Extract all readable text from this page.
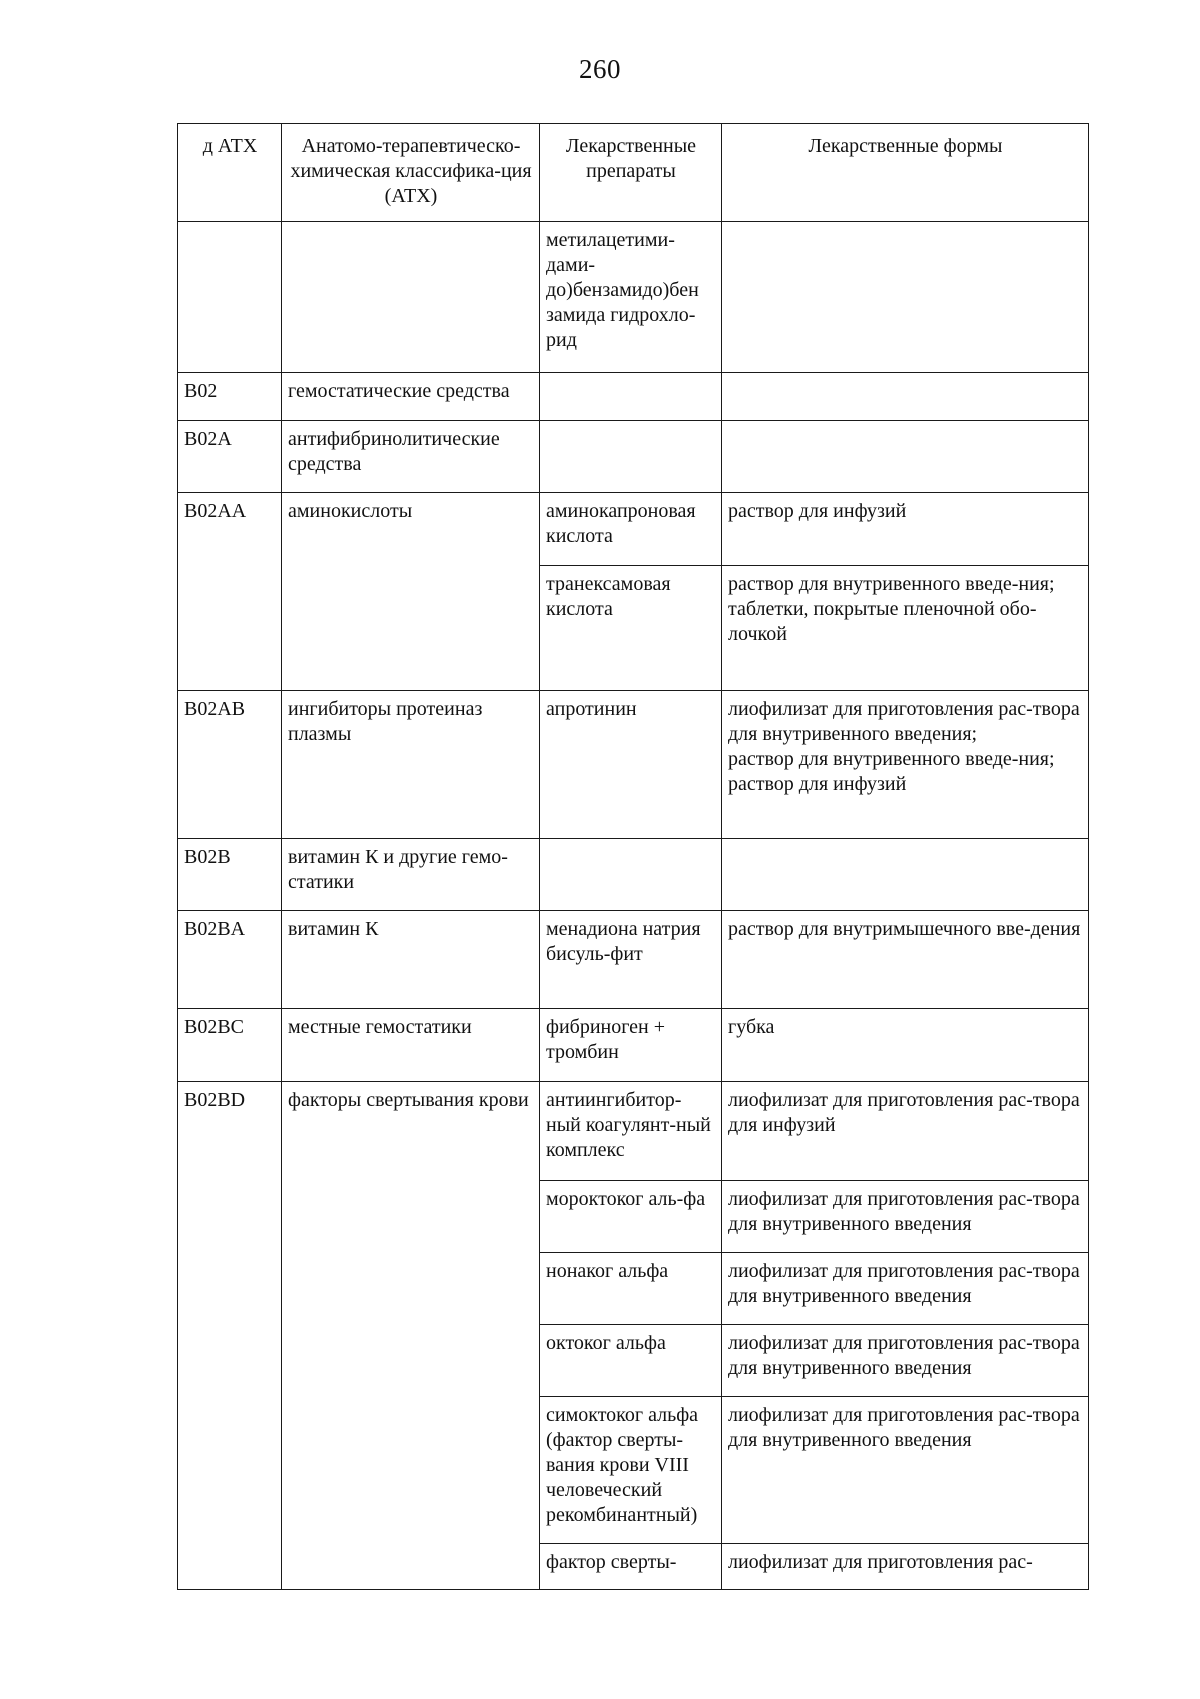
260
д АТХ	Анатомо-терапевтическо-химическая классифика-ция (АТХ)	Лекарственные препараты	Лекарственные формы
		метилацетими-дами-до)бензамидо)бен замида гидрохло-рид	
B02	гемостатические средства		
B02A	антифибринолитические средства		
B02AA	аминокислоты	аминокапроновая кислота	раствор для инфузий
		транексамовая кислота	раствор для внутривенного введе-ния;
таблетки, покрытые пленочной обо-лочкой
B02AB	ингибиторы протеиназ плазмы	апротинин	лиофилизат для приготовления рас-твора для внутривенного введения;
раствор для внутривенного введе-ния;
раствор для инфузий
B02B	витамин К и другие гемо-статики		
B02BA	витамин К	менадиона натрия бисуль-фит	раствор для внутримышечного вве-дения
B02BC	местные гемостатики	фибриноген + тромбин	губка
B02BD	факторы свертывания крови	антиингибитор-ный коагулянт-ный комплекс	лиофилизат для приготовления рас-твора для инфузий
		мороктоког аль-фа	лиофилизат для приготовления рас-твора для внутривенного введения
		нонаког альфа	лиофилизат для приготовления рас-твора для внутривенного введения
		октоког альфа	лиофилизат для приготовления рас-твора для внутривенного введения
		симоктоког альфа (фактор сверты-вания крови VIII человеческий рекомбинантный)	лиофилизат для приготовления рас-твора для внутривенного введения
		фактор сверты-	лиофилизат для приготовления рас-
